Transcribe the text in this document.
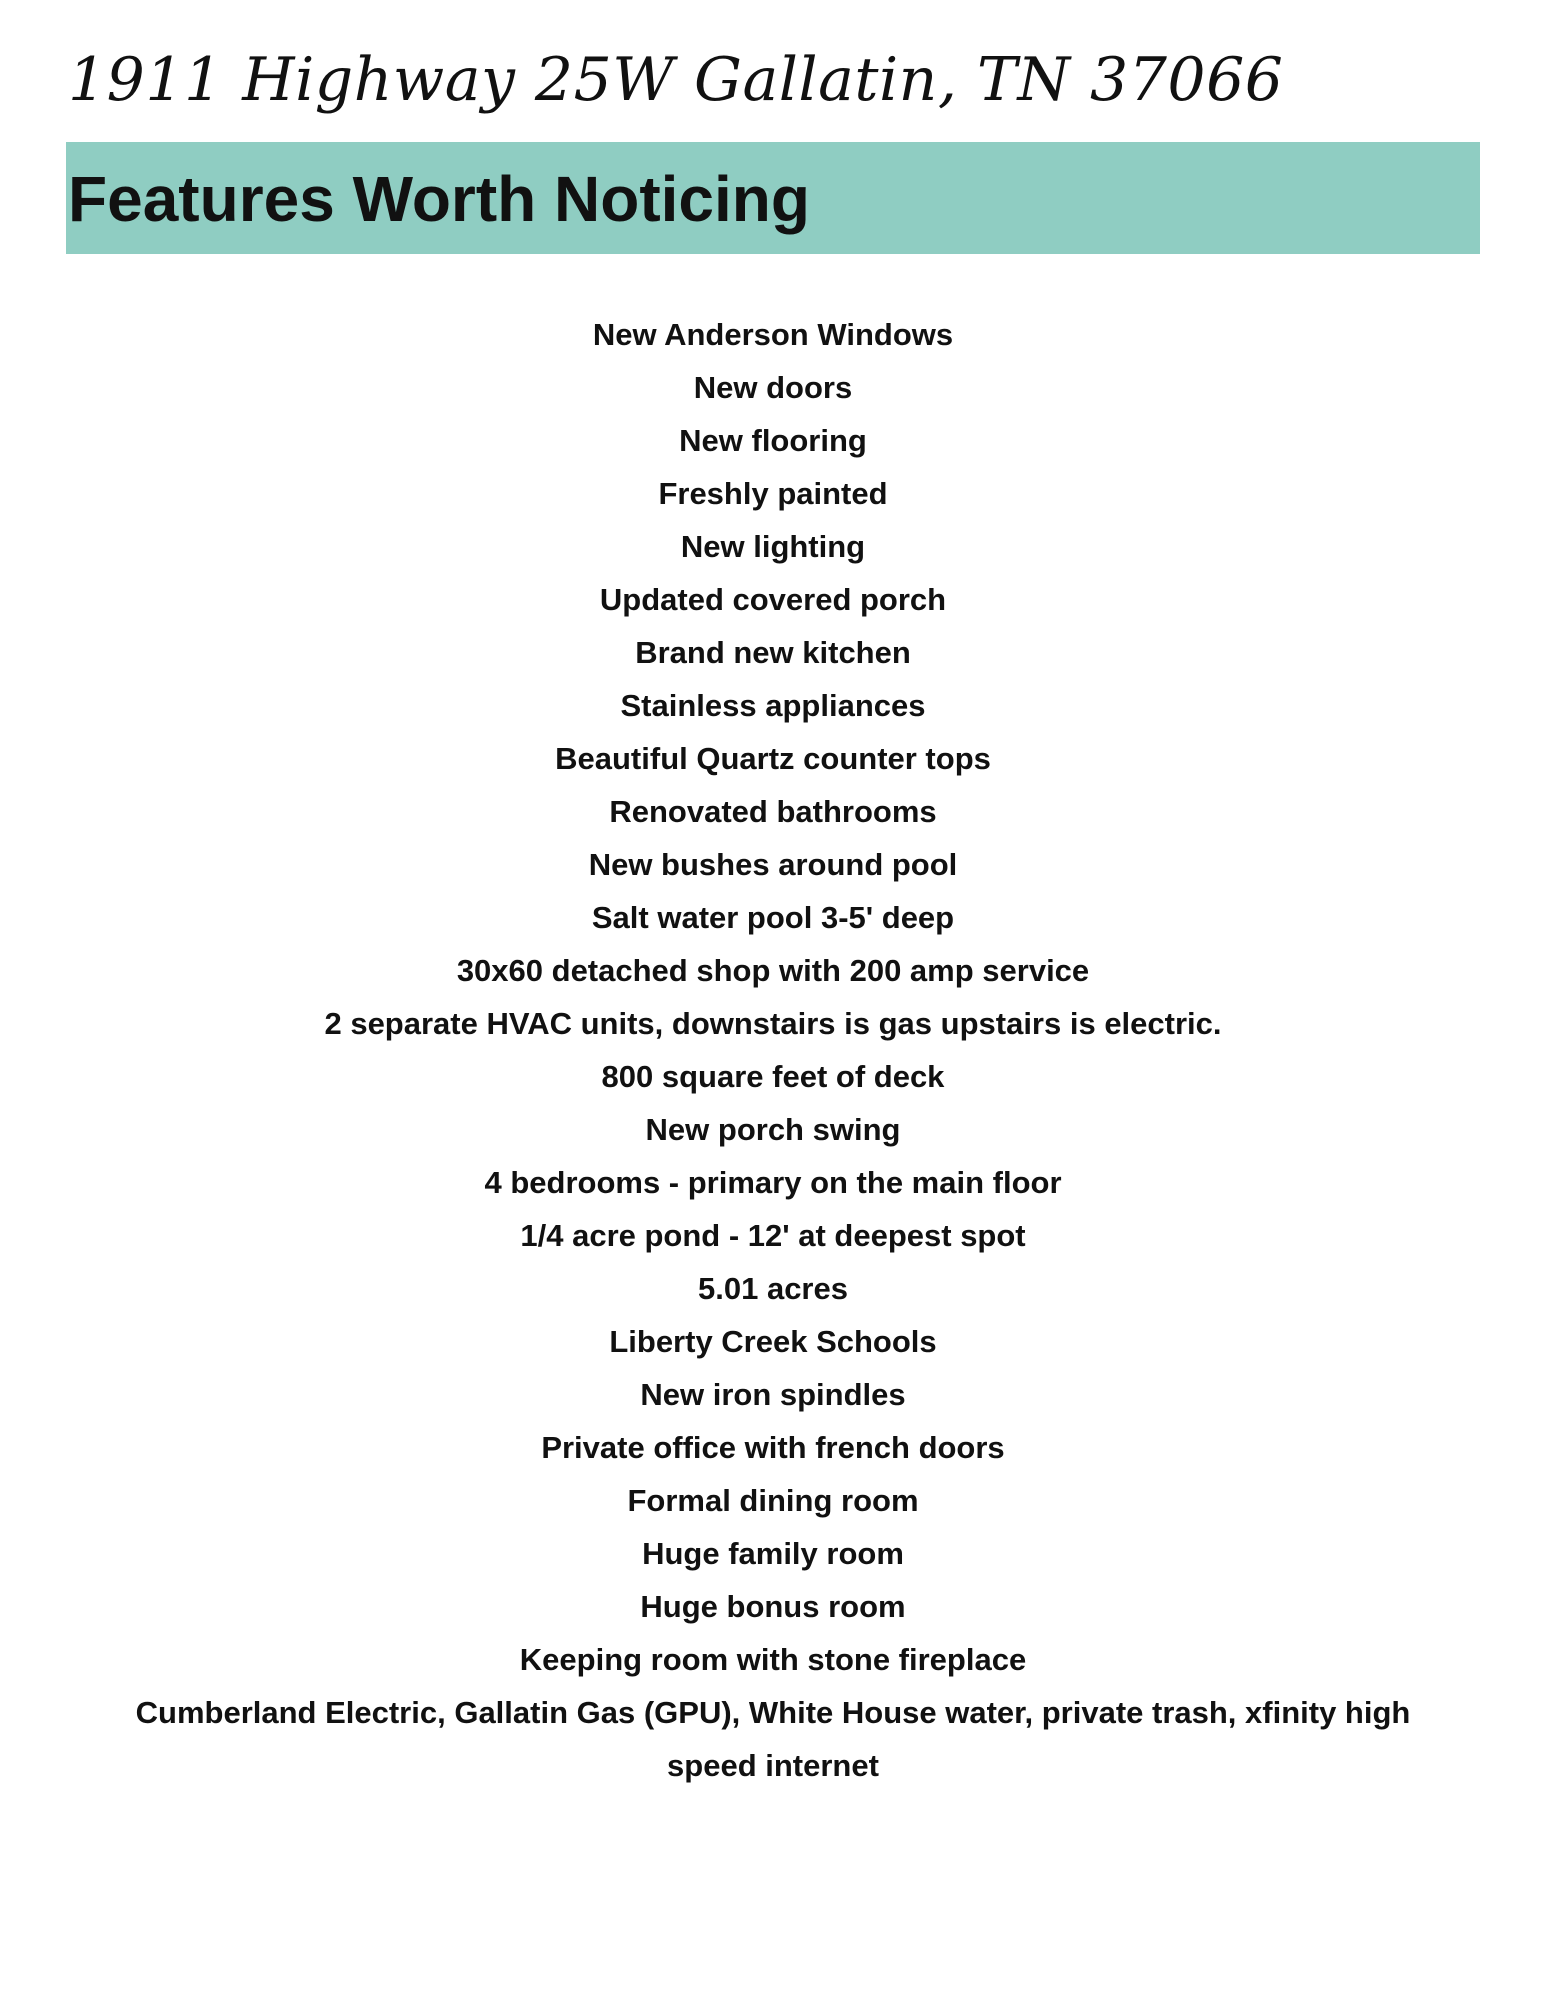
1911 Highway 25W Gallatin, TN 37066
Features Worth Noticing
New Anderson Windows
New doors
New flooring
Freshly painted
New lighting
Updated covered porch
Brand new kitchen
Stainless appliances
Beautiful Quartz counter tops
Renovated bathrooms
New bushes around pool
Salt water pool 3-5' deep
30x60 detached shop with 200 amp service
2 separate HVAC units, downstairs is gas upstairs is electric.
800 square feet of deck
New porch swing
4 bedrooms - primary on the main floor
1/4 acre pond - 12' at deepest spot
5.01 acres
Liberty Creek Schools
New iron spindles
Private office with french doors
Formal dining room
Huge family room
Huge bonus room
Keeping room with stone fireplace
Cumberland Electric, Gallatin Gas (GPU), White House water, private trash, xfinity high speed internet
